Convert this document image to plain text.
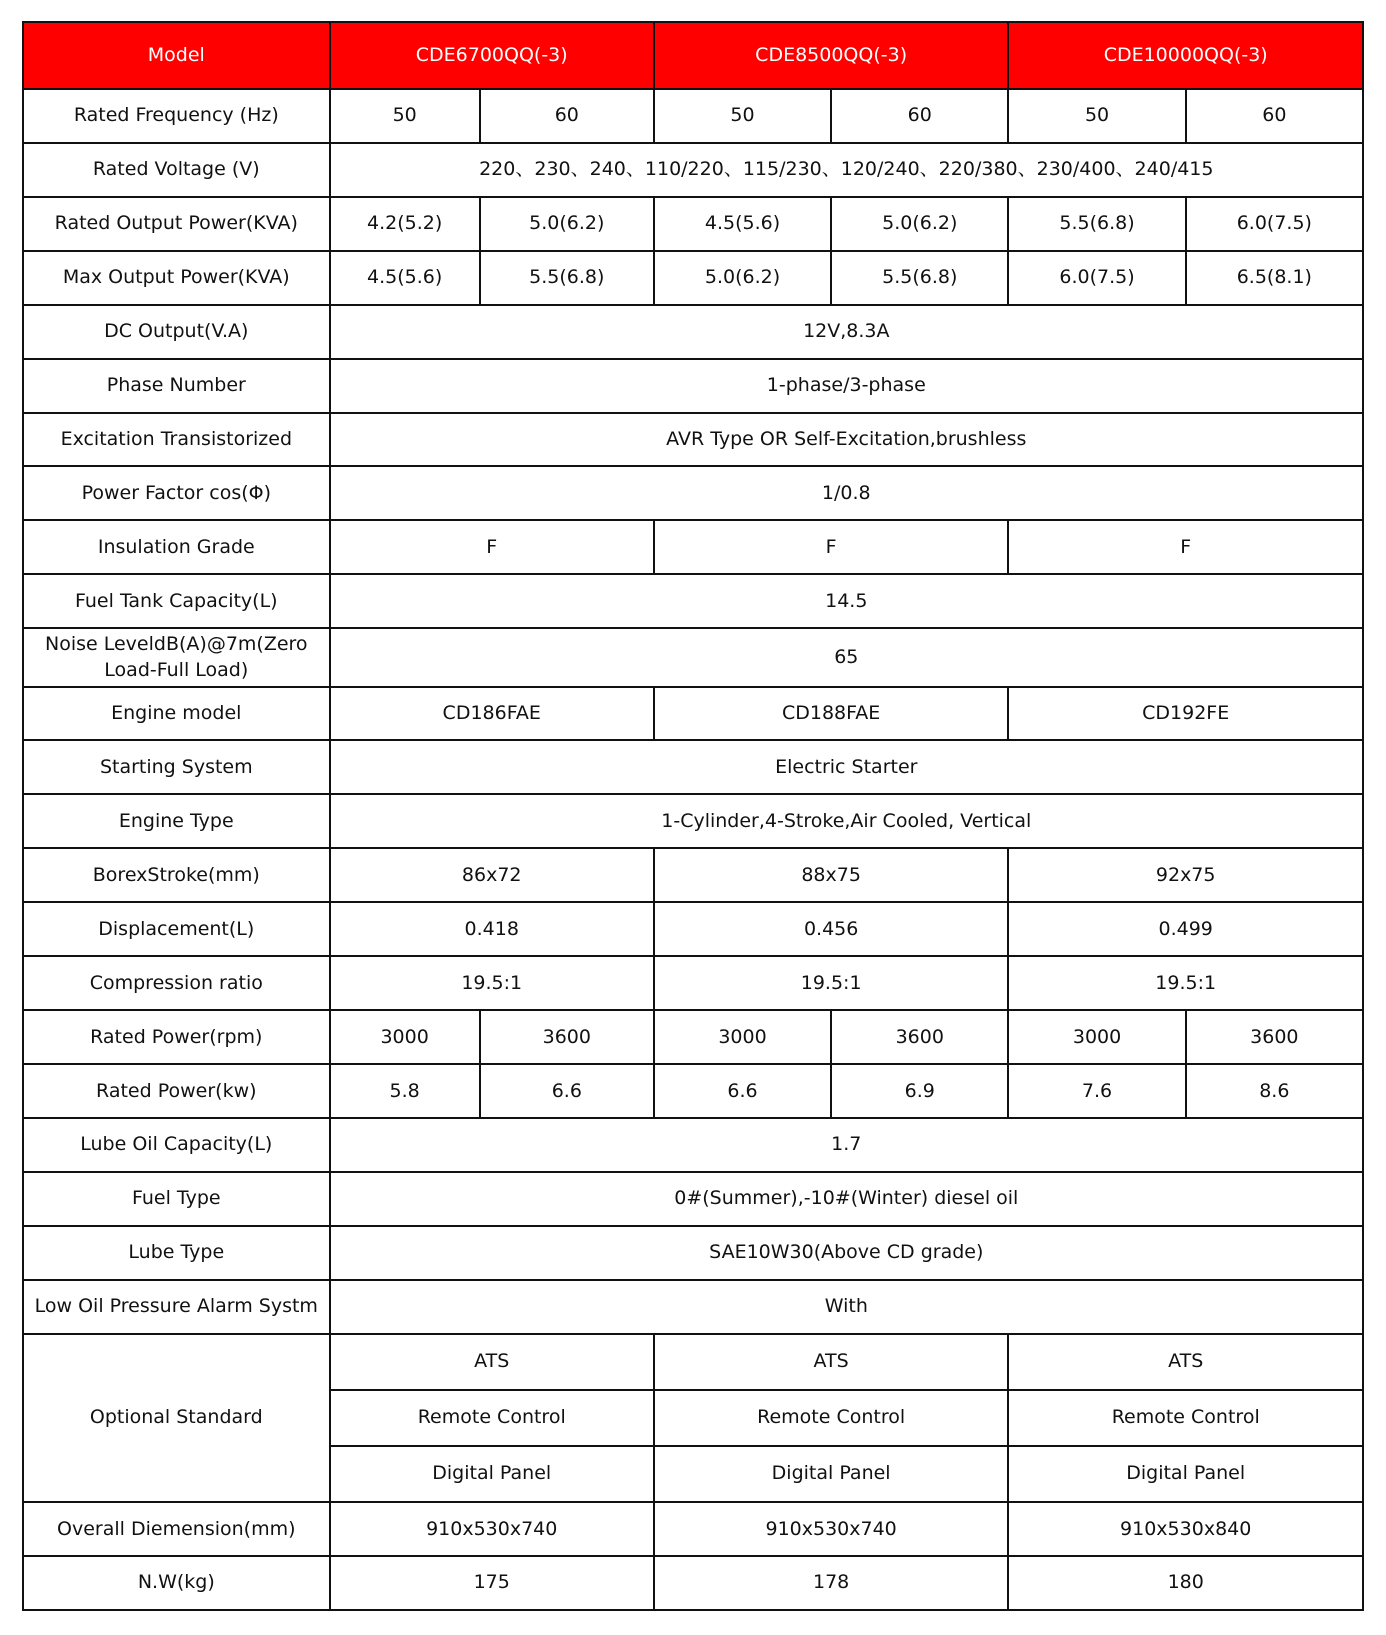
Model	CDE6700QQ(-3)		CDE8500QQ(-3)		CDE10000QQ(-3)	
Rated Frequency (Hz)	50	60	50	60	50	60
Rated Voltage (V)	220、230、240、110/220、115/230、120/240、220/380、230/400、240/415					
Rated Output Power(KVA)	4.2(5.2)	5.0(6.2)	4.5(5.6)	5.0(6.2)	5.5(6.8)	6.0(7.5)
Max Output Power(KVA)	4.5(5.6)	5.5(6.8)	5.0(6.2)	5.5(6.8)	6.0(7.5)	6.5(8.1)
DC Output(V.A)	12V,8.3A					
Phase Number	1-phase/3-phase					
Excitation Transistorized	AVR Type OR Self-Excitation,brushless					
Power Factor cos(Φ)	1/0.8					
Insulation Grade	F		F		F	
Fuel Tank Capacity(L)	14.5					
Noise LeveldB(A)@7m(Zero Load-Full Load)	65					
Engine model	CD186FAE		CD188FAE		CD192FE	
Starting System	Electric Starter					
Engine Type	1-Cylinder,4-Stroke,Air Cooled, Vertical					
BorexStroke(mm)	86x72		88x75		92x75	
Displacement(L)	0.418		0.456		0.499	
Compression ratio	19.5:1		19.5:1		19.5:1	
Rated Power(rpm)	3000	3600	3000	3600	3000	3600
Rated Power(kw)	5.8	6.6	6.6	6.9	7.6	8.6
Lube Oil Capacity(L)	1.7					
Fuel Type	0#(Summer),-10#(Winter) diesel oil					
Lube Type	SAE10W30(Above CD grade)					
Low Oil Pressure Alarm Systm	With					
Optional Standard	ATS		ATS		ATS	
	Remote Control		Remote Control		Remote Control	
	Digital Panel		Digital Panel		Digital Panel	
Overall Diemension(mm)	910x530x740		910x530x740		910x530x840	
N.W(kg)	175		178		180	
